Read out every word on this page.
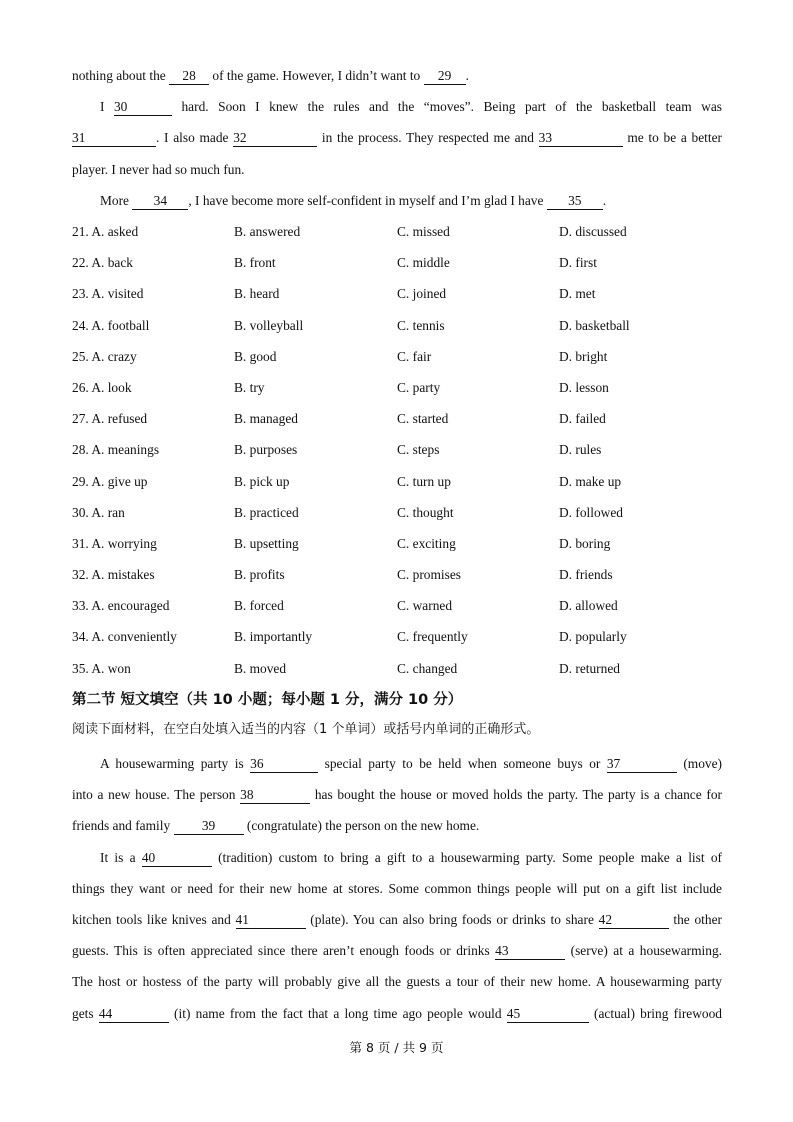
nothing about the 28 of the game. However, I didn’t want to 29 .
I 30	hard. Soon I knew the rules and the “moves”. Being part of the basketball team was
31	. I also made 32	in the process. They respected me and 33	me to be a better
player. I never had so much fun.
More 34 , I have become more self-confident in myself and I’m glad I have 35 .
21. A. asked	B. answered	C. missed	D. discussed
22. A. back	B. front	C. middle	D. first
23. A. visited	B. heard	C. joined	D. met
24. A. football	B. volleyball	C. tennis	D. basketball
25. A. crazy	B. good	C. fair	D. bright
26. A. look	B. try	C. party	D. lesson
27. A. refused	B. managed	C. started	D. failed
28. A. meanings	B. purposes	C. steps	D. rules
29. A. give up	B. pick up	C. turn up	D. make up
30. A. ran	B. practiced	C. thought	D. followed
31. A. worrying	B. upsetting	C. exciting	D. boring
32. A. mistakes	B. profits	C. promises	D. friends
33. A. encouraged	B. forced	C. warned	D. allowed
34. A. conveniently	B. importantly	C. frequently	D. popularly
35. A. won	B. moved	C. changed	D. returned
第二节 短文填空（共 10 小题；每小题 1 分，满分 10 分）
阅读下面材料，在空白处填入适当的内容（1 个单词）或括号内单词的正确形式。
A housewarming party is 36	special party to be held when someone buys or 37	(move)
into a new house. The person 38	has bought the house or moved holds the party. The party is a chance for
friends and family 39 (congratulate) the person on the new home.
It is a 40	(tradition) custom to bring a gift to a housewarming party. Some people make a list of
things they want or need for their new home at stores. Some common things people will put on a gift list include
kitchen tools like knives and 41	(plate). You can also bring foods or drinks to share 42	the other
guests. This is often appreciated since there aren’t enough foods or drinks 43	(serve) at a housewarming.
The host or hostess of the party will probably give all the guests a tour of their new home. A housewarming party
gets 44	(it) name from the fact that a long time ago people would 45	(actual) bring firewood
第 8 页 / 共 9 页
